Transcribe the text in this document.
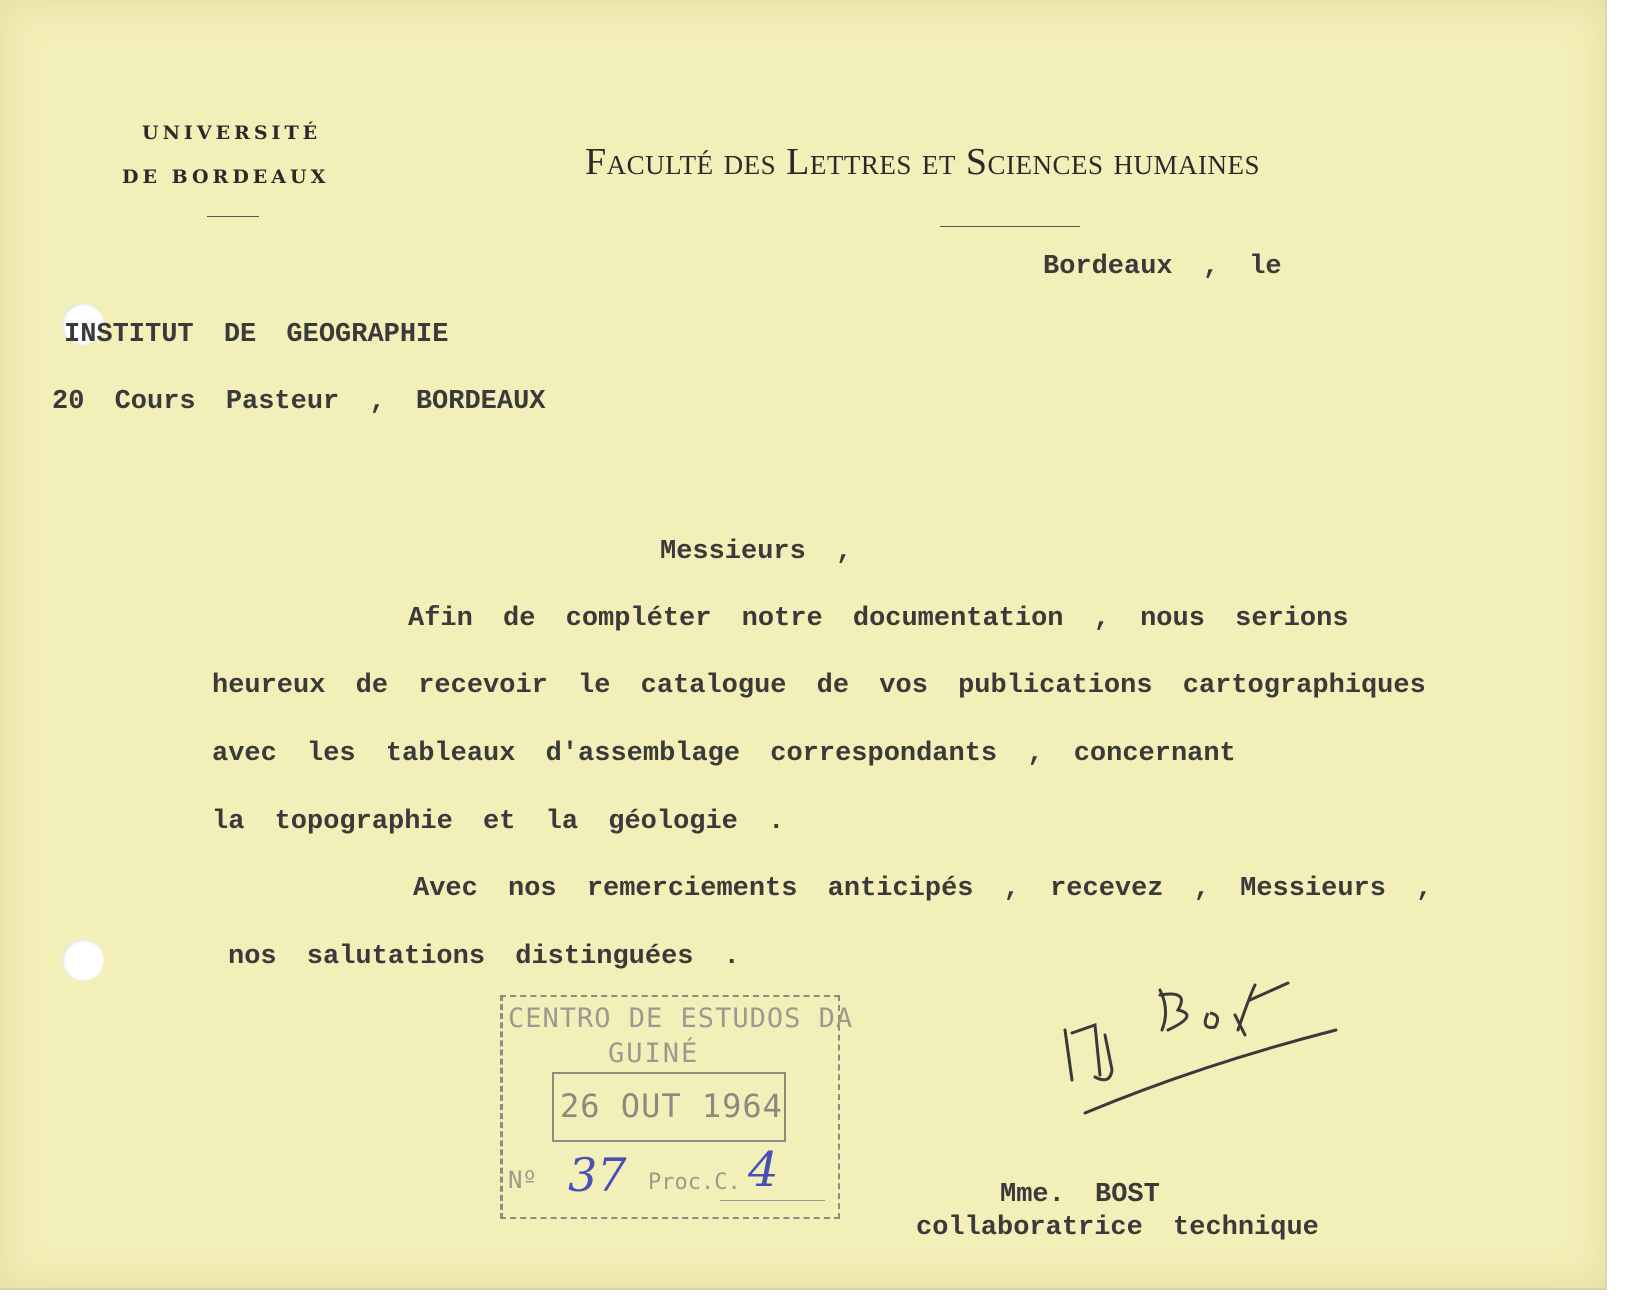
UNIVERSITÉ
DE BORDEAUX	Faculté des Lettres et Sciences humaines
Bordeaux , le
INSTITUT DE GEOGRAPHIE
20 Cours Pasteur , BORDEAUX
Messieurs ,
Afin de compléter notre documentation , nous serions
heureux de recevoir le catalogue de vos publications cartographiques
avec les tableaux d'assemblage correspondants , concernant
la topographie et la géologie .
Avec nos remerciements anticipés , recevez , Messieurs ,
nos salutations distinguées .
CENTRO DE ESTUDOS DA
GUINÉ
26 OUT 1964
Nº 37 Proc.C. 4	Mme. BOST
collaboratrice technique
